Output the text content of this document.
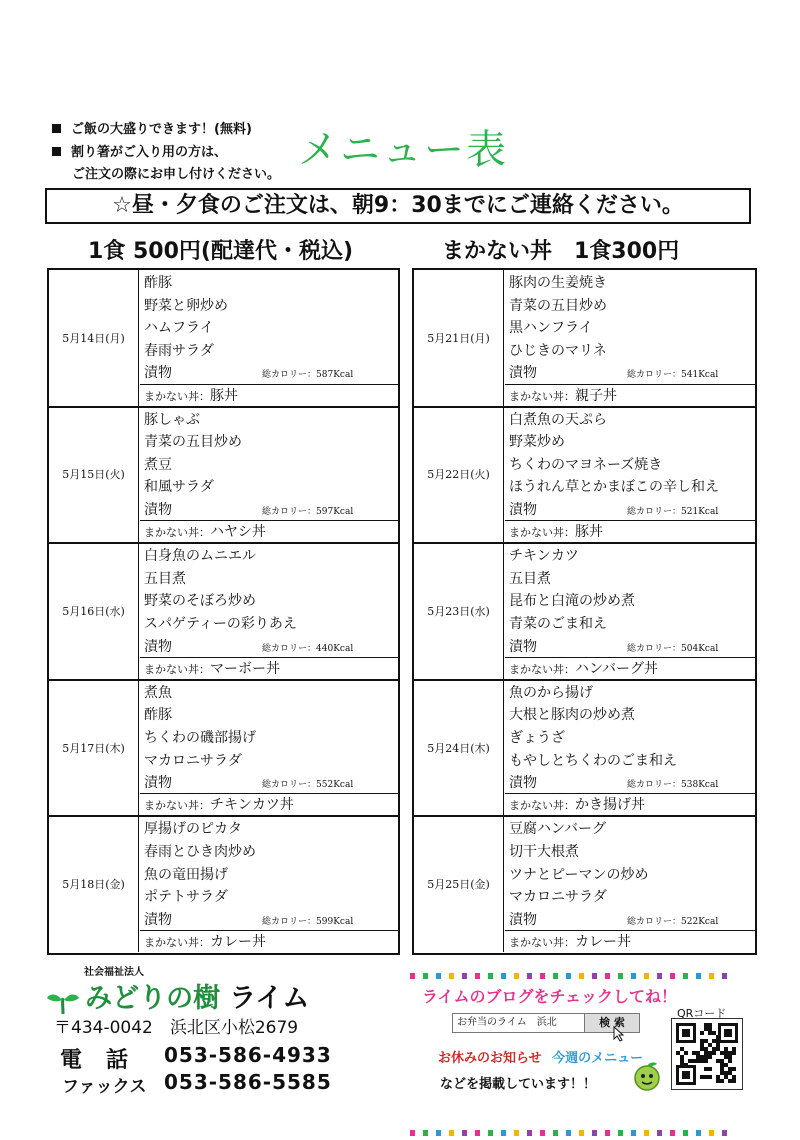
ご飯の大盛りできます！(無料)
割り箸がご入り用の方は、
ご注文の際にお申し付けください。
メニュー表
☆昼・夕食のご注文は、朝9：30までにご連絡ください。
1食 500円(配達代・税込)	まかない丼　1食300円
5月14日(月)
酢豚
野菜と卵炒め
ハムフライ
春雨サラダ
漬物	総カロリー：587Kcal
まかない丼：豚丼
5月15日(火)
豚しゃぶ
青菜の五目炒め
煮豆
和風サラダ
漬物	総カロリー：597Kcal
まかない丼：ハヤシ丼
5月16日(水)
白身魚のムニエル
五目煮
野菜のそぼろ炒め
スパゲティーの彩りあえ
漬物	総カロリー：440Kcal
まかない丼：マーボー丼
5月17日(木)
煮魚
酢豚
ちくわの磯部揚げ
マカロニサラダ
漬物	総カロリー：552Kcal
まかない丼：チキンカツ丼
5月18日(金)
厚揚げのピカタ
春雨とひき肉炒め
魚の竜田揚げ
ポテトサラダ
漬物	総カロリー：599Kcal
まかない丼：カレー丼
5月21日(月)
豚肉の生姜焼き
青菜の五目炒め
黒ハンフライ
ひじきのマリネ
漬物	総カロリー：541Kcal
まかない丼：親子丼
5月22日(火)
白煮魚の天ぷら
野菜炒め
ちくわのマヨネーズ焼き
ほうれん草とかまぼこの辛し和え
漬物	総カロリー：521Kcal
まかない丼：豚丼
5月23日(水)
チキンカツ
五目煮
昆布と白滝の炒め煮
青菜のごま和え
漬物	総カロリー：504Kcal
まかない丼：ハンバーグ丼
5月24日(木)
魚のから揚げ
大根と豚肉の炒め煮
ぎょうざ
もやしとちくわのごま和え
漬物	総カロリー：538Kcal
まかない丼：かき揚げ丼
5月25日(金)
豆腐ハンバーグ
切干大根煮
ツナとピーマンの炒め
マカロニサラダ
漬物	総カロリー：522Kcal
まかない丼：カレー丼
社会福祉法人
みどりの樹 ライム
〒434-0042　浜北区小松2679
電　話 053-586-4933
ファックス 053-586-5585
ライムのブログをチェックしてね！
お弁当のライム　浜北	検 索
QRコード
お休みのお知らせ 今週のメニュー
などを掲載しています！！
